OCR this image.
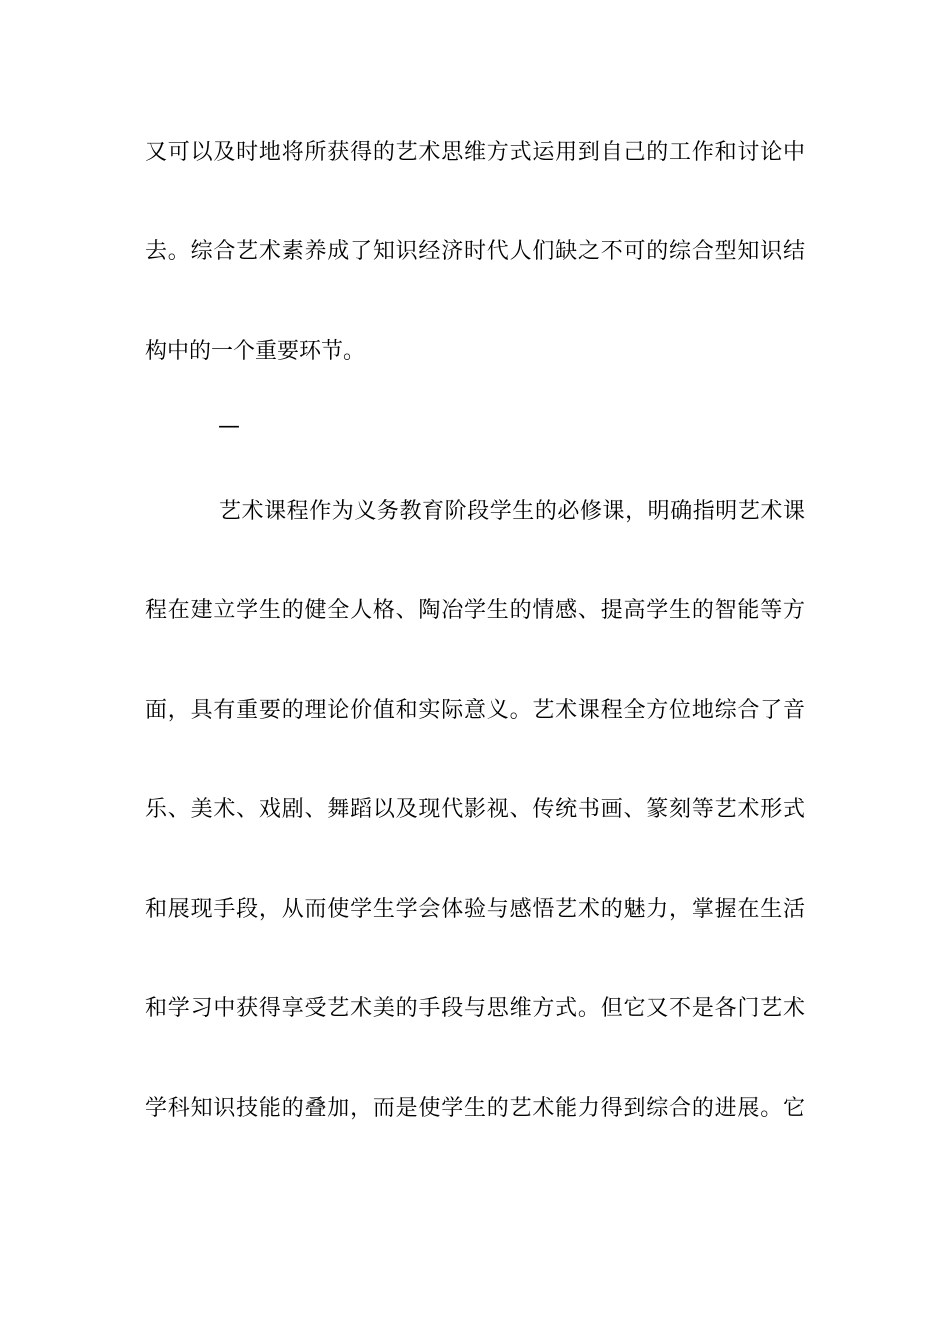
又可以及时地将所获得的艺术思维方式运用到自己的工作和讨论中
去。综合艺术素养成了知识经济时代人们缺之不可的综合型知识结
构中的一个重要环节。
—
艺术课程作为义务教育阶段学生的必修课，明确指明艺术课
程在建立学生的健全人格、陶冶学生的情感、提高学生的智能等方
面，具有重要的理论价值和实际意义。艺术课程全方位地综合了音
乐、美术、戏剧、舞蹈以及现代影视、传统书画、篆刻等艺术形式
和展现手段，从而使学生学会体验与感悟艺术的魅力，掌握在生活
和学习中获得享受艺术美的手段与思维方式。但它又不是各门艺术
学科知识技能的叠加，而是使学生的艺术能力得到综合的进展。它
